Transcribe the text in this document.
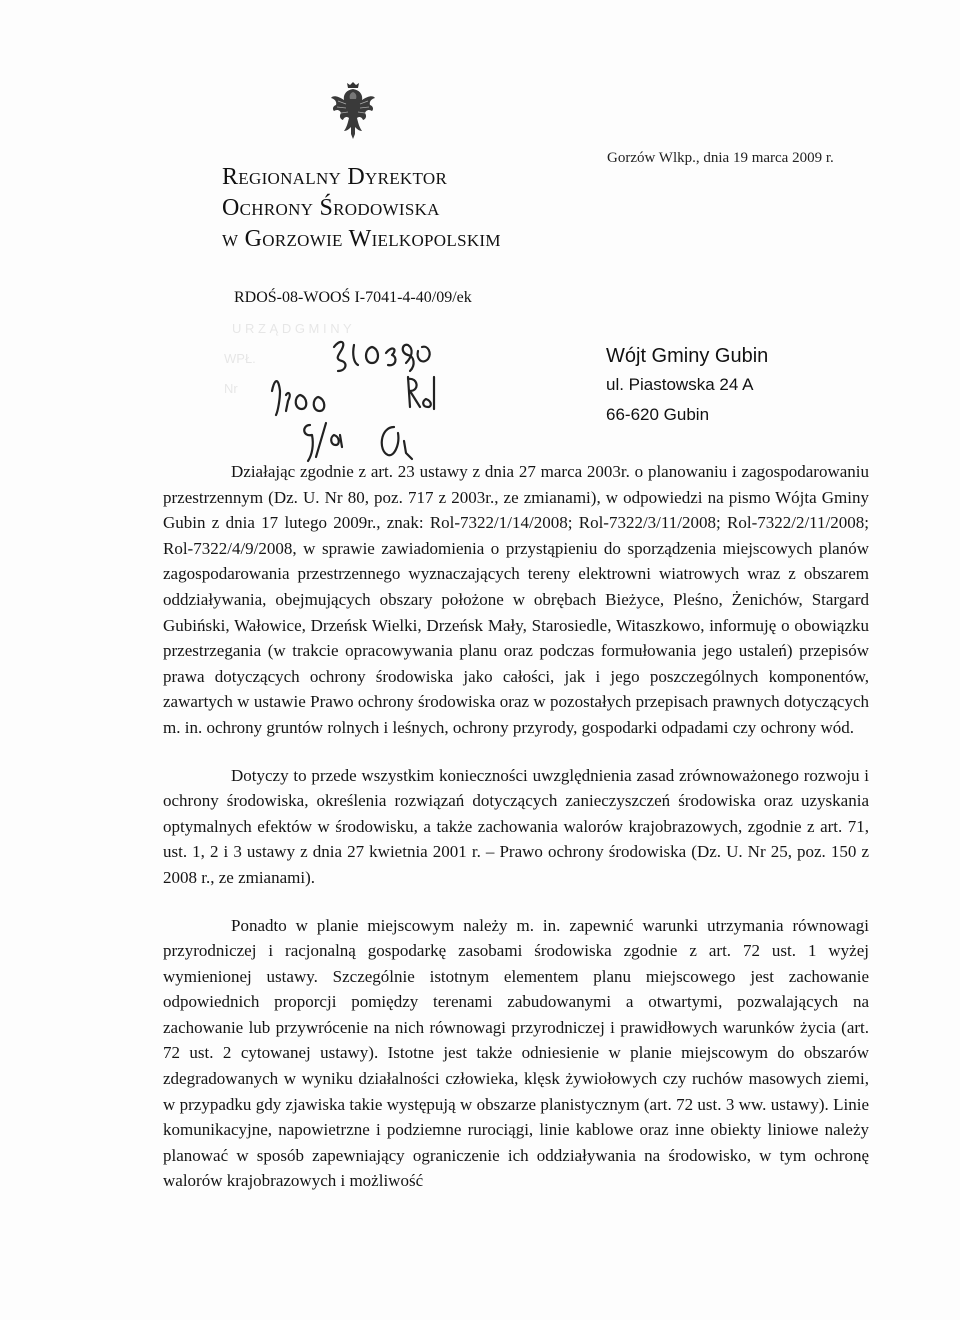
Regionalny Dyrektor
Ochrony Środowiska
w Gorzowie Wielkopolskim
Gorzów Wlkp., dnia 19 marca 2009 r.
RDOŚ-08-WOOŚ I-7041-4-40/09/ek
U R Z Ą D G M I N Y
WPŁ.
Nr
Wójt Gminy Gubin
ul. Piastowska 24 A
66-620 Gubin

Działając zgodnie z art. 23 ustawy z dnia 27 marca 2003r. o planowaniu i zagospodarowaniu przestrzennym (Dz. U. Nr 80, poz. 717 z 2003r., ze zmianami), w odpowiedzi na pismo Wójta Gminy Gubin z dnia 17 lutego 2009r., znak: Rol-7322/1/14/2008; Rol-7322/3/11/2008; Rol-7322/2/11/2008; Rol-7322/4/9/2008, w sprawie zawiadomienia o przystąpieniu do sporządzenia miejscowych planów zagospodarowania przestrzennego wyznaczających tereny elektrowni wiatrowych wraz z obszarem oddziaływania, obejmujących obszary położone w obrębach Bieżyce, Pleśno, Żenichów, Stargard Gubiński, Wałowice, Drzeńsk Wielki, Drzeńsk Mały, Starosiedle, Witaszkowo, informuję o obowiązku przestrzegania (w trakcie opracowywania planu oraz podczas formułowania jego ustaleń) przepisów prawa dotyczących ochrony środowiska jako całości, jak i jego poszczególnych komponentów, zawartych w ustawie Prawo ochrony środowiska oraz w pozostałych przepisach prawnych dotyczących m. in. ochrony gruntów rolnych i leśnych, ochrony przyrody, gospodarki odpadami czy ochrony wód.

Dotyczy to przede wszystkim konieczności uwzględnienia zasad zrównoważonego rozwoju i ochrony środowiska, określenia rozwiązań dotyczących zanieczyszczeń środowiska oraz uzyskania optymalnych efektów w środowisku, a także zachowania walorów krajobrazowych, zgodnie z art. 71, ust. 1, 2 i 3 ustawy z dnia 27 kwietnia 2001 r. – Prawo ochrony środowiska (Dz. U. Nr 25, poz. 150 z 2008 r., ze zmianami).

Ponadto w planie miejscowym należy m. in. zapewnić warunki utrzymania równowagi przyrodniczej i racjonalną gospodarkę zasobami środowiska zgodnie z art. 72 ust. 1 wyżej wymienionej ustawy. Szczególnie istotnym elementem planu miejscowego jest zachowanie odpowiednich proporcji pomiędzy terenami zabudowanymi a otwartymi, pozwalających na zachowanie lub przywrócenie na nich równowagi przyrodniczej i prawidłowych warunków życia (art. 72 ust. 2 cytowanej ustawy). Istotne jest także odniesienie w planie miejscowym do obszarów zdegradowanych w wyniku działalności człowieka, klęsk żywiołowych czy ruchów masowych ziemi, w przypadku gdy zjawiska takie występują w obszarze planistycznym (art. 72 ust. 3 ww. ustawy). Linie komunikacyjne, napowietrzne i podziemne rurociągi, linie kablowe oraz inne obiekty liniowe należy planować w sposób zapewniający ograniczenie ich oddziaływania na środowisko, w tym ochronę walorów krajobrazowych i możliwość
